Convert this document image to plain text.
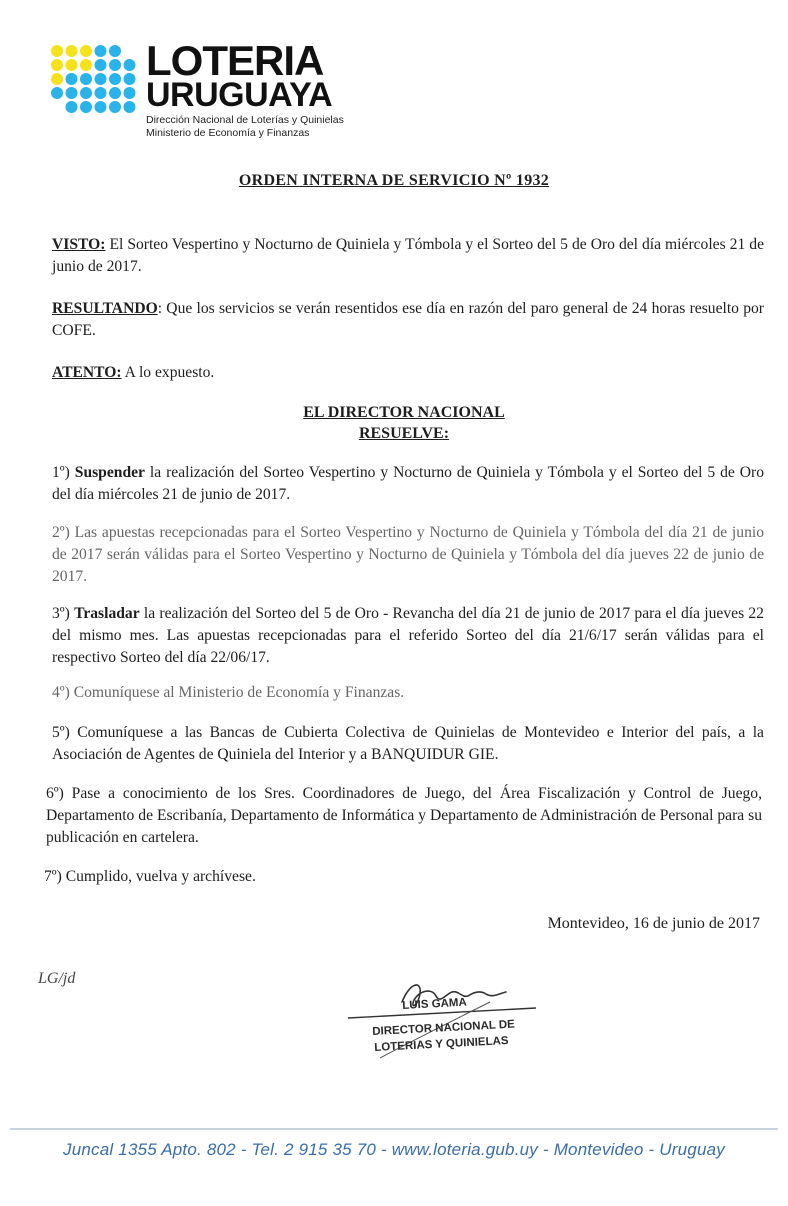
LOTERIA
URUGUAYA
Dirección Nacional de Loterías y Quinielas
Ministerio de Economía y Finanzas
ORDEN INTERNA DE SERVICIO Nº 1932
VISTO: El Sorteo Vespertino y Nocturno de Quiniela y Tómbola y el Sorteo del 5 de Oro del día miércoles 21 de junio de 2017.
RESULTANDO: Que los servicios se verán resentidos ese día en razón del paro general de 24 horas resuelto por COFE.
ATENTO: A lo expuesto.
EL DIRECTOR NACIONAL
RESUELVE:
1º) Suspender la realización del Sorteo Vespertino y Nocturno de Quiniela y Tómbola y el Sorteo del 5 de Oro del día miércoles 21 de junio de 2017.
2º) Las apuestas recepcionadas para el Sorteo Vespertino y Nocturno de Quiniela y Tómbola del día 21 de junio de 2017 serán válidas para el Sorteo Vespertino y Nocturno de Quiniela y Tómbola del día jueves 22 de junio de 2017.
3º) Trasladar la realización del Sorteo del 5 de Oro - Revancha del día 21 de junio de 2017 para el día jueves 22 del mismo mes. Las apuestas recepcionadas para el referido Sorteo del día 21/6/17 serán válidas para el respectivo Sorteo del día 22/06/17.
4º) Comuníquese al Ministerio de Economía y Finanzas.
5º) Comuníquese a las Bancas de Cubierta Colectiva de Quinielas de Montevideo e Interior del país, a la Asociación de Agentes de Quiniela del Interior y a BANQUIDUR GIE.
6º) Pase a conocimiento de los Sres. Coordinadores de Juego, del Área Fiscalización y Control de Juego, Departamento de Escribanía, Departamento de Informática y Departamento de Administración de Personal para su publicación en cartelera.
7º) Cumplido, vuelva y archívese.
Montevideo, 16 de junio de 2017
LG/jd
LUIS GAMA
DIRECTOR NACIONAL DE
LOTERIAS Y QUINIELAS
Juncal 1355 Apto. 802 - Tel. 2 915 35 70 - www.loteria.gub.uy - Montevideo - Uruguay
